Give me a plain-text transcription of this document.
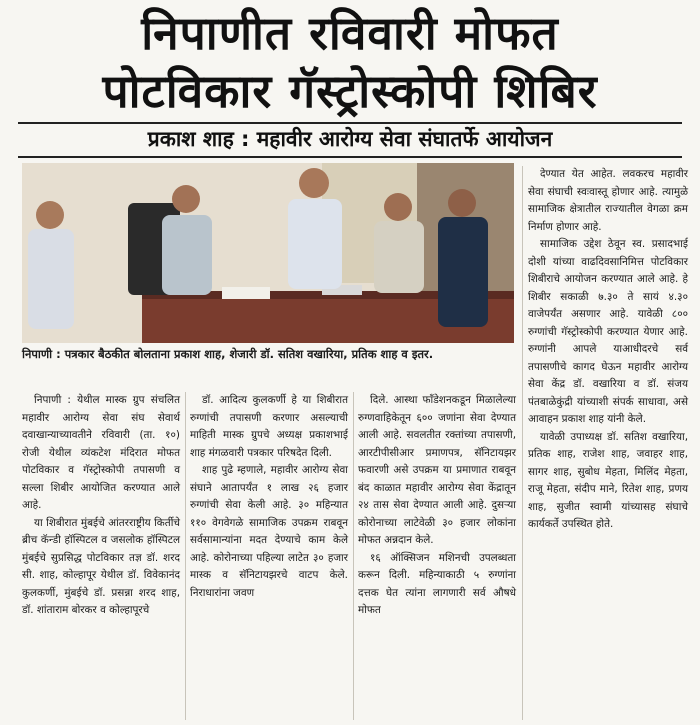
निपाणीत रविवारी मोफत
पोटविकार गॅस्ट्रोस्कोपी शिबिर
प्रकाश शाह : महावीर आरोग्य सेवा संघातर्फे आयोजन
निपाणी : पत्रकार बैठकीत बोलताना प्रकाश शाह, शेजारी डॉ. सतिश वखारिया, प्रतिक शाह व इतर.

निपाणी : येथील मास्क ग्रुप संचलित महावीर आरोग्य सेवा संघ सेवार्थ दवाखान्याच्यावतीने रविवारी (ता. १०) रोजी येथील व्यंकटेश मंदिरात मोफत पोटविकार व गॅस्ट्रोस्कोपी तपासणी व सल्ला शिबीर आयोजित करण्यात आले आहे.

या शिबीरात मुंबईचे आंतरराष्ट्रीय किर्तीचे ब्रीच कॅन्डी हॉस्पिटल व जसलोक हॉस्पिटल मुंबईचे सुप्रसिद्ध पोटविकार तज्ञ डॉ. शरद सी. शाह, कोल्हापूर येथील डॉ. विवेकानंद कुलकर्णी, मुंबईचे डॉ. प्रसन्ना शरद शाह, डॉ. शांताराम बोरकर व कोल्हापूरचे

डॉ. आदित्य कुलकर्णी हे या शिबीरात रुग्णांची तपासणी करणार असल्याची माहिती मास्क ग्रुपचे अध्यक्ष प्रकाशभाई शाह मंगळवारी पत्रकार परिषदेत दिली.

शाह पुढे म्हणाले, महावीर आरोग्य सेवा संघाने आतापर्यंत १ लाख २६ हजार रुग्णांची सेवा केली आहे. ३० महिन्यात ११० वेगवेगळे सामाजिक उपक्रम राबवून सर्वसामान्यांना मदत देण्याचे काम केले आहे. कोरोनाच्या पहिल्या लाटेत ३० हजार मास्क व सॅनिटायझरचे वाटप केले. निराधारांना जवण

दिले. आस्था फॉंडेशनकडून मिळालेल्या रुग्णवाहिकेतून ६०० जणांना सेवा देण्यात आली आहे. सवलतीत रक्तांच्या तपासणी, आरटीपीसीआर प्रमाणपत्र, सॅनिटायझर फवारणी असे उपक्रम या प्रमाणात राबवून बंद काळात महावीर आरोग्य सेवा केंद्रातून २४ तास सेवा देण्यात आली आहे. दुसऱ्या कोरोनाच्या लाटेवेळी ३० हजार लोकांना मोफत अन्नदान केले.

१६ ऑक्सिजन मशिनची उपलब्धता करून दिली. महिन्याकाठी ५ रुग्णांना दत्तक घेत त्यांना लागणारी सर्व औषधे मोफत

देण्यात येत आहेत. लवकरच महावीर सेवा संघाची स्वःवास्तू होणार आहे. त्यामुळे सामाजिक क्षेत्रातील राज्यातील वेगळा क्रम निर्माण होणार आहे.

सामाजिक उद्देश ठेवून स्व. प्रसादभाई दोशी यांच्या वाढदिवसानिमित्त पोटविकार शिबीराचे आयोजन करण्यात आले आहे. हे शिबीर सकाळी ७.३० ते सायं ४.३० वाजेपर्यंत असणार आहे. यावेळी ८०० रुग्णांची गॅस्ट्रोस्कोपी करण्यात येणार आहे. रुग्णांनी आपले याआधीदरचे सर्व तपासणीचे कागद घेऊन महावीर आरोग्य सेवा केंद्र डॉ. वखारिया व डॉ. संजय पंतबाळेकुंद्री यांच्याशी संपर्क साधावा, असे आवाहन प्रकाश शाह यांनी केले.

यावेळी उपाध्यक्ष डॉ. सतिश वखारिया, प्रतिक शाह, राजेश शाह, जवाहर शाह, सागर शाह, सुबोध मेहता, मिलिंद मेहता, राजू मेहता, संदीप माने, रितेश शाह, प्रणय शाह, सुजीत स्वामी यांच्यासह संघाचे कार्यकर्ते उपस्थित होते.
